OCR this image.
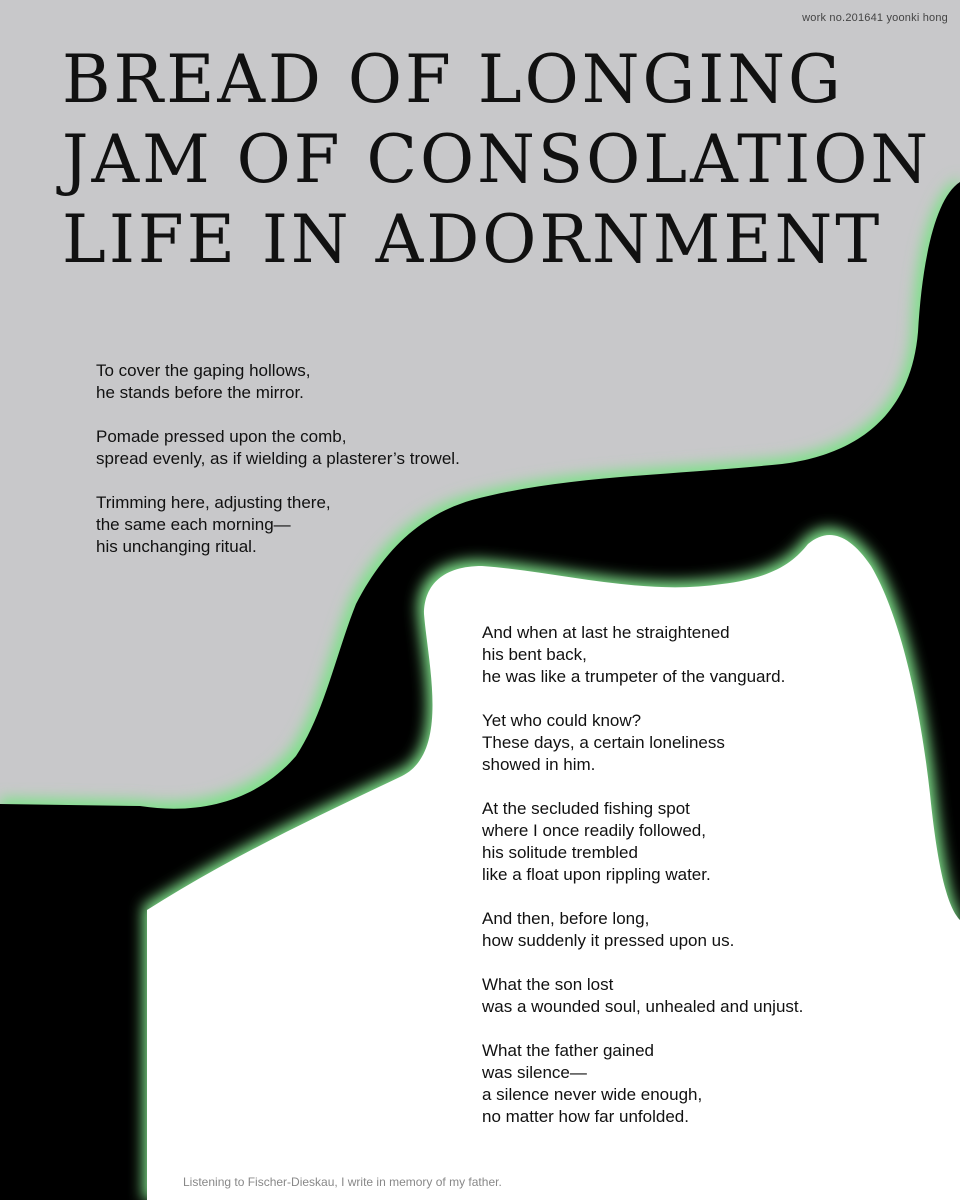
work no.201641 yoonki hong
BREAD OF LONGING
JAM OF CONSOLATION
LIFE IN ADORNMENT

To cover the gaping hollows,
he stands before the mirror.

Pomade pressed upon the comb,
spread evenly, as if wielding a plasterer’s trowel.

Trimming here, adjusting there,
the same each morning—
his unchanging ritual.

And when at last he straightened
his bent back,
he was like a trumpeter of the vanguard.

Yet who could know?
These days, a certain loneliness
showed in him.

At the secluded fishing spot
where I once readily followed,
his solitude trembled
like a float upon rippling water.

And then, before long,
how suddenly it pressed upon us.

What the son lost
was a wounded soul, unhealed and unjust.

What the father gained
was silence—
a silence never wide enough,
no matter how far unfolded.

Listening to Fischer-Dieskau, I write in memory of my father.
